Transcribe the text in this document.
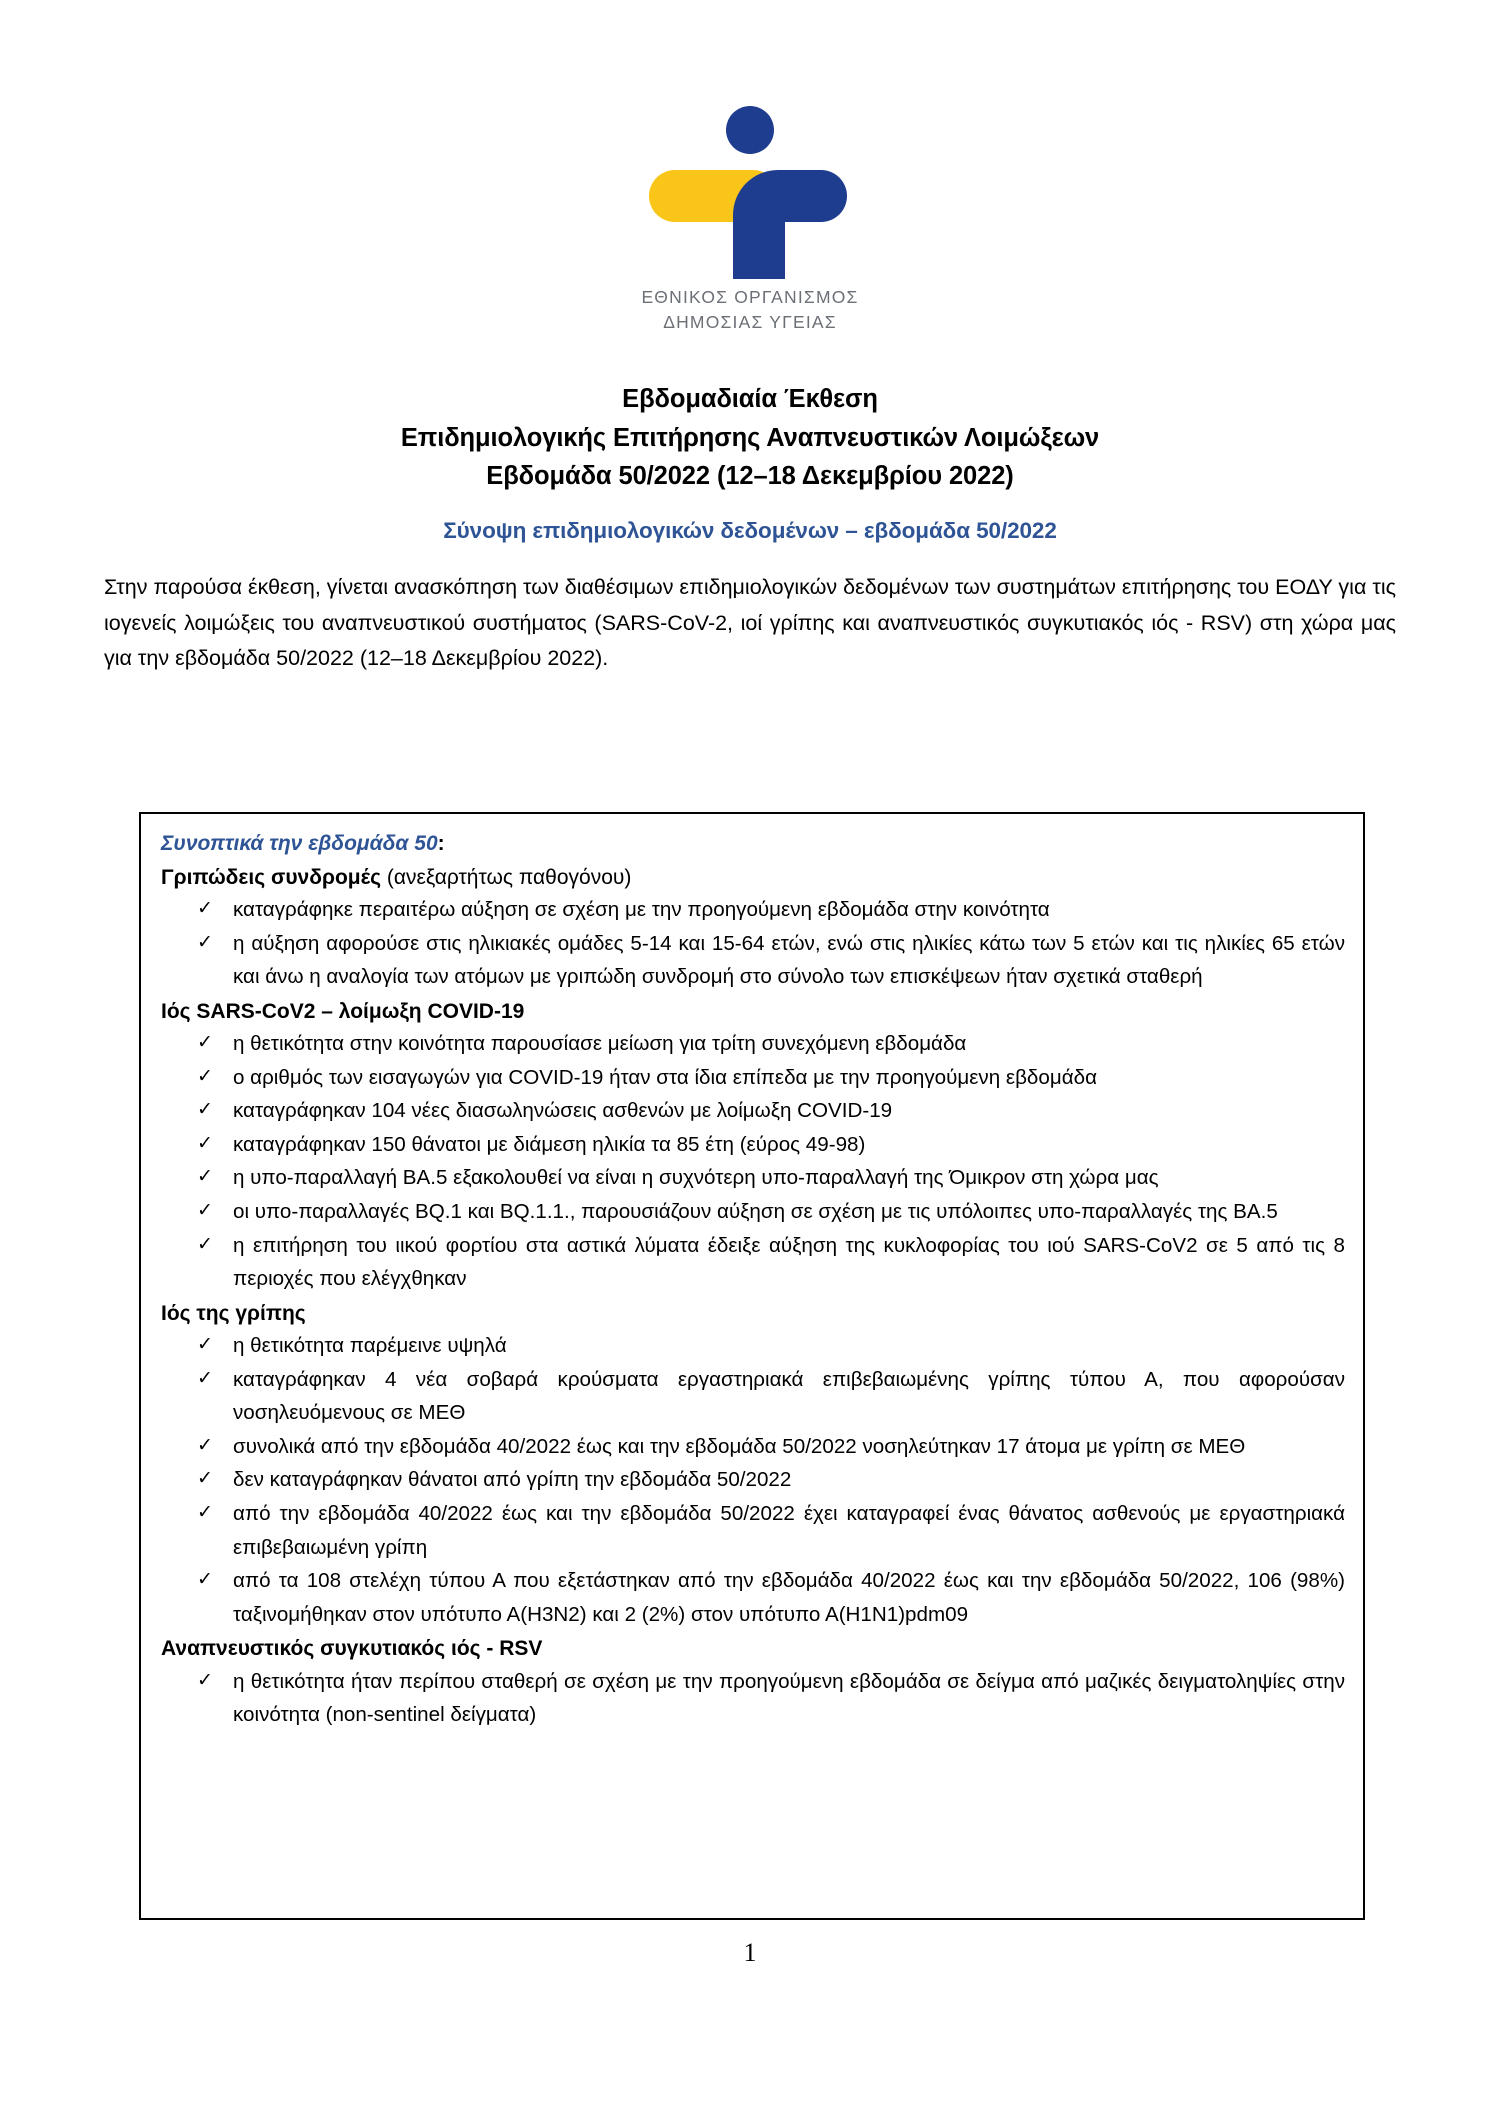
ΕΘΝΙΚΟΣ ΟΡΓΑΝΙΣΜΟΣ
ΔΗΜΟΣΙΑΣ ΥΓΕΙΑΣ
Εβδομαδιαία Έκθεση
Επιδημιολογικής Επιτήρησης Αναπνευστικών Λοιμώξεων
Εβδομάδα 50/2022 (12–18 Δεκεμβρίου 2022)
Σύνοψη επιδημιολογικών δεδομένων – εβδομάδα 50/2022

Στην παρούσα έκθεση, γίνεται ανασκόπηση των διαθέσιμων επιδημιολογικών δεδομένων των συστημάτων επιτήρησης του ΕΟΔΥ για τις ιογενείς λοιμώξεις του αναπνευστικού συστήματος (SARS-CoV-2, ιοί γρίπης και αναπνευστικός συγκυτιακός ιός - RSV) στη χώρα μας για την εβδομάδα 50/2022 (12–18 Δεκεμβρίου 2022).

Συνοπτικά την εβδομάδα 50:
Γριπώδεις συνδρομές (ανεξαρτήτως παθογόνου)
✓ καταγράφηκε περαιτέρω αύξηση σε σχέση με την προηγούμενη εβδομάδα στην κοινότητα
✓ η αύξηση αφορούσε στις ηλικιακές ομάδες 5-14 και 15-64 ετών, ενώ στις ηλικίες κάτω των 5 ετών και τις ηλικίες 65 ετών και άνω η αναλογία των ατόμων με γριπώδη συνδρομή στο σύνολο των επισκέψεων ήταν σχετικά σταθερή
Ιός SARS-CoV2 – λοίμωξη COVID-19
✓ η θετικότητα στην κοινότητα παρουσίασε μείωση για τρίτη συνεχόμενη εβδομάδα
✓ ο αριθμός των εισαγωγών για COVID-19 ήταν στα ίδια επίπεδα με την προηγούμενη εβδομάδα
✓ καταγράφηκαν 104 νέες διασωληνώσεις ασθενών με λοίμωξη COVID-19
✓ καταγράφηκαν 150 θάνατοι με διάμεση ηλικία τα 85 έτη (εύρος 49-98)
✓ η υπο-παραλλαγή ΒΑ.5 εξακολουθεί να είναι η συχνότερη υπο-παραλλαγή της Όμικρον στη χώρα μας
✓ οι υπο-παραλλαγές BQ.1 και BQ.1.1., παρουσιάζουν αύξηση σε σχέση με τις υπόλοιπες υπο-παραλλαγές της ΒΑ.5
✓ η επιτήρηση του ιικού φορτίου στα αστικά λύματα έδειξε αύξηση της κυκλοφορίας του ιού SARS-CoV2 σε 5 από τις 8 περιοχές που ελέγχθηκαν
Ιός της γρίπης
✓ η θετικότητα παρέμεινε υψηλά
✓ καταγράφηκαν 4 νέα σοβαρά κρούσματα εργαστηριακά επιβεβαιωμένης γρίπης τύπου Α, που αφορούσαν νοσηλευόμενους σε ΜΕΘ
✓ συνολικά από την εβδομάδα 40/2022 έως και την εβδομάδα 50/2022 νοσηλεύτηκαν 17 άτομα με γρίπη σε ΜΕΘ
✓ δεν καταγράφηκαν θάνατοι από γρίπη την εβδομάδα 50/2022
✓ από την εβδομάδα 40/2022 έως και την εβδομάδα 50/2022 έχει καταγραφεί ένας θάνατος ασθενούς με εργαστηριακά επιβεβαιωμένη γρίπη
✓ από τα 108 στελέχη τύπου Α που εξετάστηκαν από την εβδομάδα 40/2022 έως και την εβδομάδα 50/2022, 106 (98%) ταξινομήθηκαν στον υπότυπο Α(Η3Ν2) και 2 (2%) στον υπότυπο Α(Η1Ν1)pdm09
Αναπνευστικός συγκυτιακός ιός - RSV
✓ η θετικότητα ήταν περίπου σταθερή σε σχέση με την προηγούμενη εβδομάδα σε δείγμα από μαζικές δειγματοληψίες στην κοινότητα (non-sentinel δείγματα)
1
